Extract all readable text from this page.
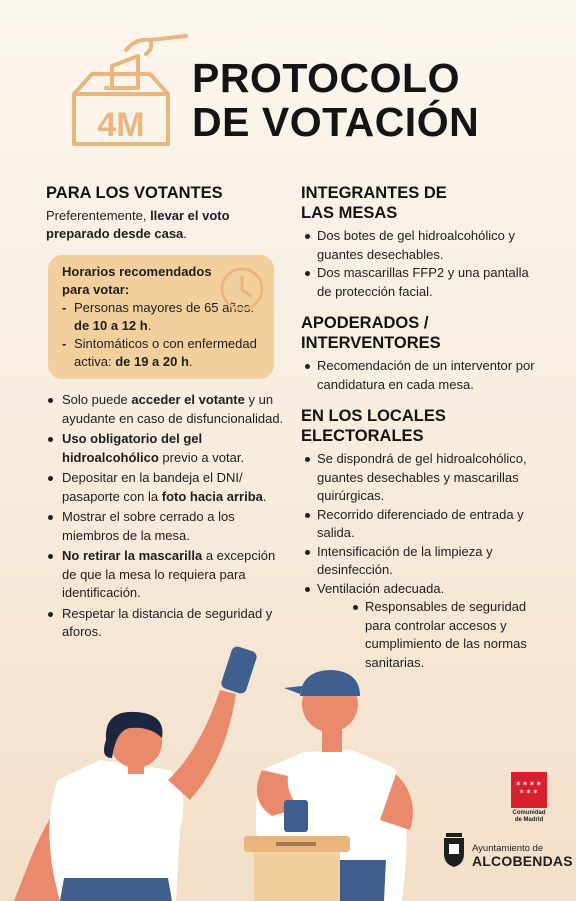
4M
PROTOCOLO
DE VOTACIÓN
PARA LOS VOTANTES

Preferentemente, llevar el voto preparado desde casa.

Horarios recomendados para votar:
- Personas mayores de 65 años: de 10 a 12 h.
- Sintomáticos o con enfermedad activa: de 19 a 20 h.
Solo puede acceder el votante y un ayudante en caso de disfuncionalidad.
Uso obligatorio del gel hidroalcohólico previo a votar.
Depositar en la bandeja el DNI/ pasaporte con la foto hacia arriba.
Mostrar el sobre cerrado a los miembros de la mesa.
No retirar la mascarilla a excepción de que la mesa lo requiera para identificación.
Respetar la distancia de seguridad y aforos.
INTEGRANTES DE LAS MESAS
Dos botes de gel hidroalcohólico y guantes desechables.
Dos mascarillas FFP2 y una pantalla de protección facial.
APODERADOS / INTERVENTORES
Recomendación de un interventor por candidatura en cada mesa.
EN LOS LOCALES ELECTORALES
Se dispondrá de gel hidroalcohólico, guantes desechables y mascarillas quirúrgicas.
Recorrido diferenciado de entrada y salida.
Intensificación de la limpieza y desinfección.
Ventilación adecuada.
Responsables de seguridad para controlar accesos y cumplimiento de las normas sanitarias.
✶✶✶✶
✶✶✶
Comunidad
de Madrid
Ayuntamiento de
ALCOBENDAS
